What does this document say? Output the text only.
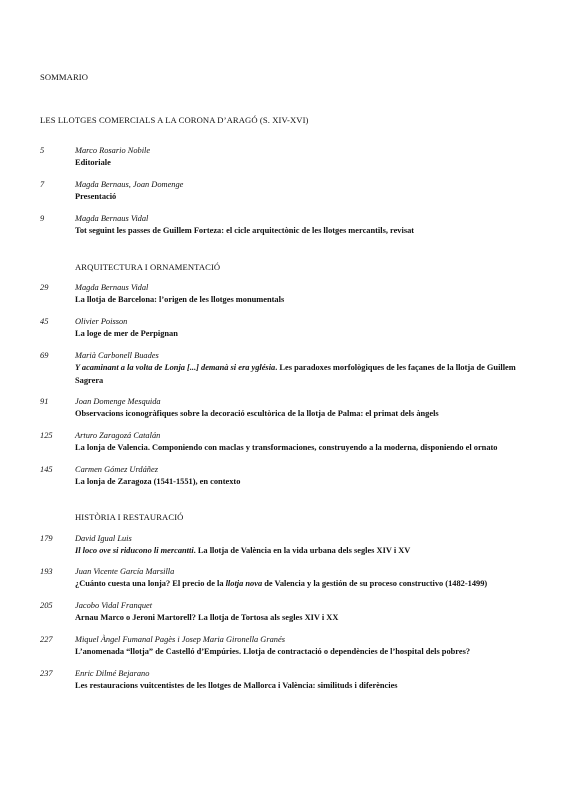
SOMMARIO
LES LLOTGES COMERCIALS A LA CORONA D’ARAGÓ (S. XIV-XVI)
5	Marco Rosario Nobile
Editoriale
7	Magda Bernaus, Joan Domenge
Presentació
9	Magda Bernaus Vidal
Tot seguint les passes de Guillem Forteza: el cicle arquitectònic de les llotges mercantils, revisat
ARQUITECTURA I ORNAMENTACIÓ
29	Magda Bernaus Vidal
La llotja de Barcelona: l’origen de les llotges monumentals
45	Olivier Poisson
La loge de mer de Perpignan
69	Marià Carbonell Buades
Y acaminant a la volta de Lonja [...] demanà si era yglésia. Les paradoxes morfològiques de les façanes de la llotja de Guillem Sagrera
91	Joan Domenge Mesquida
Observacions iconogràfiques sobre la decoració escultòrica de la llotja de Palma: el primat dels àngels
125	Arturo Zaragozá Catalán
La lonja de Valencia. Componiendo con maclas y transformaciones, construyendo a la moderna, disponiendo el ornato
145	Carmen Gómez Urdáñez
La lonja de Zaragoza (1541-1551), en contexto
HISTÒRIA I RESTAURACIÓ
179	David Igual Luis
Il loco ove si riducono li mercantti. La llotja de València en la vida urbana dels segles XIV i XV
193	Juan Vicente García Marsilla
¿Cuánto cuesta una lonja? El precio de la llotja nova de Valencia y la gestión de su proceso constructivo (1482-1499)
205	Jacobo Vidal Franquet
Arnau Marco o Jeroni Martorell? La llotja de Tortosa als segles XIV i XX
227	Miquel Àngel Fumanal Pagès i Josep Maria Gironella Granés
L’anomenada “llotja” de Castelló d’Empúries. Llotja de contractació o dependències de l’hospital dels pobres?
237	Enric Dilmé Bejarano
Les restauracions vuitcentistes de les llotges de Mallorca i València: similituds i diferències
